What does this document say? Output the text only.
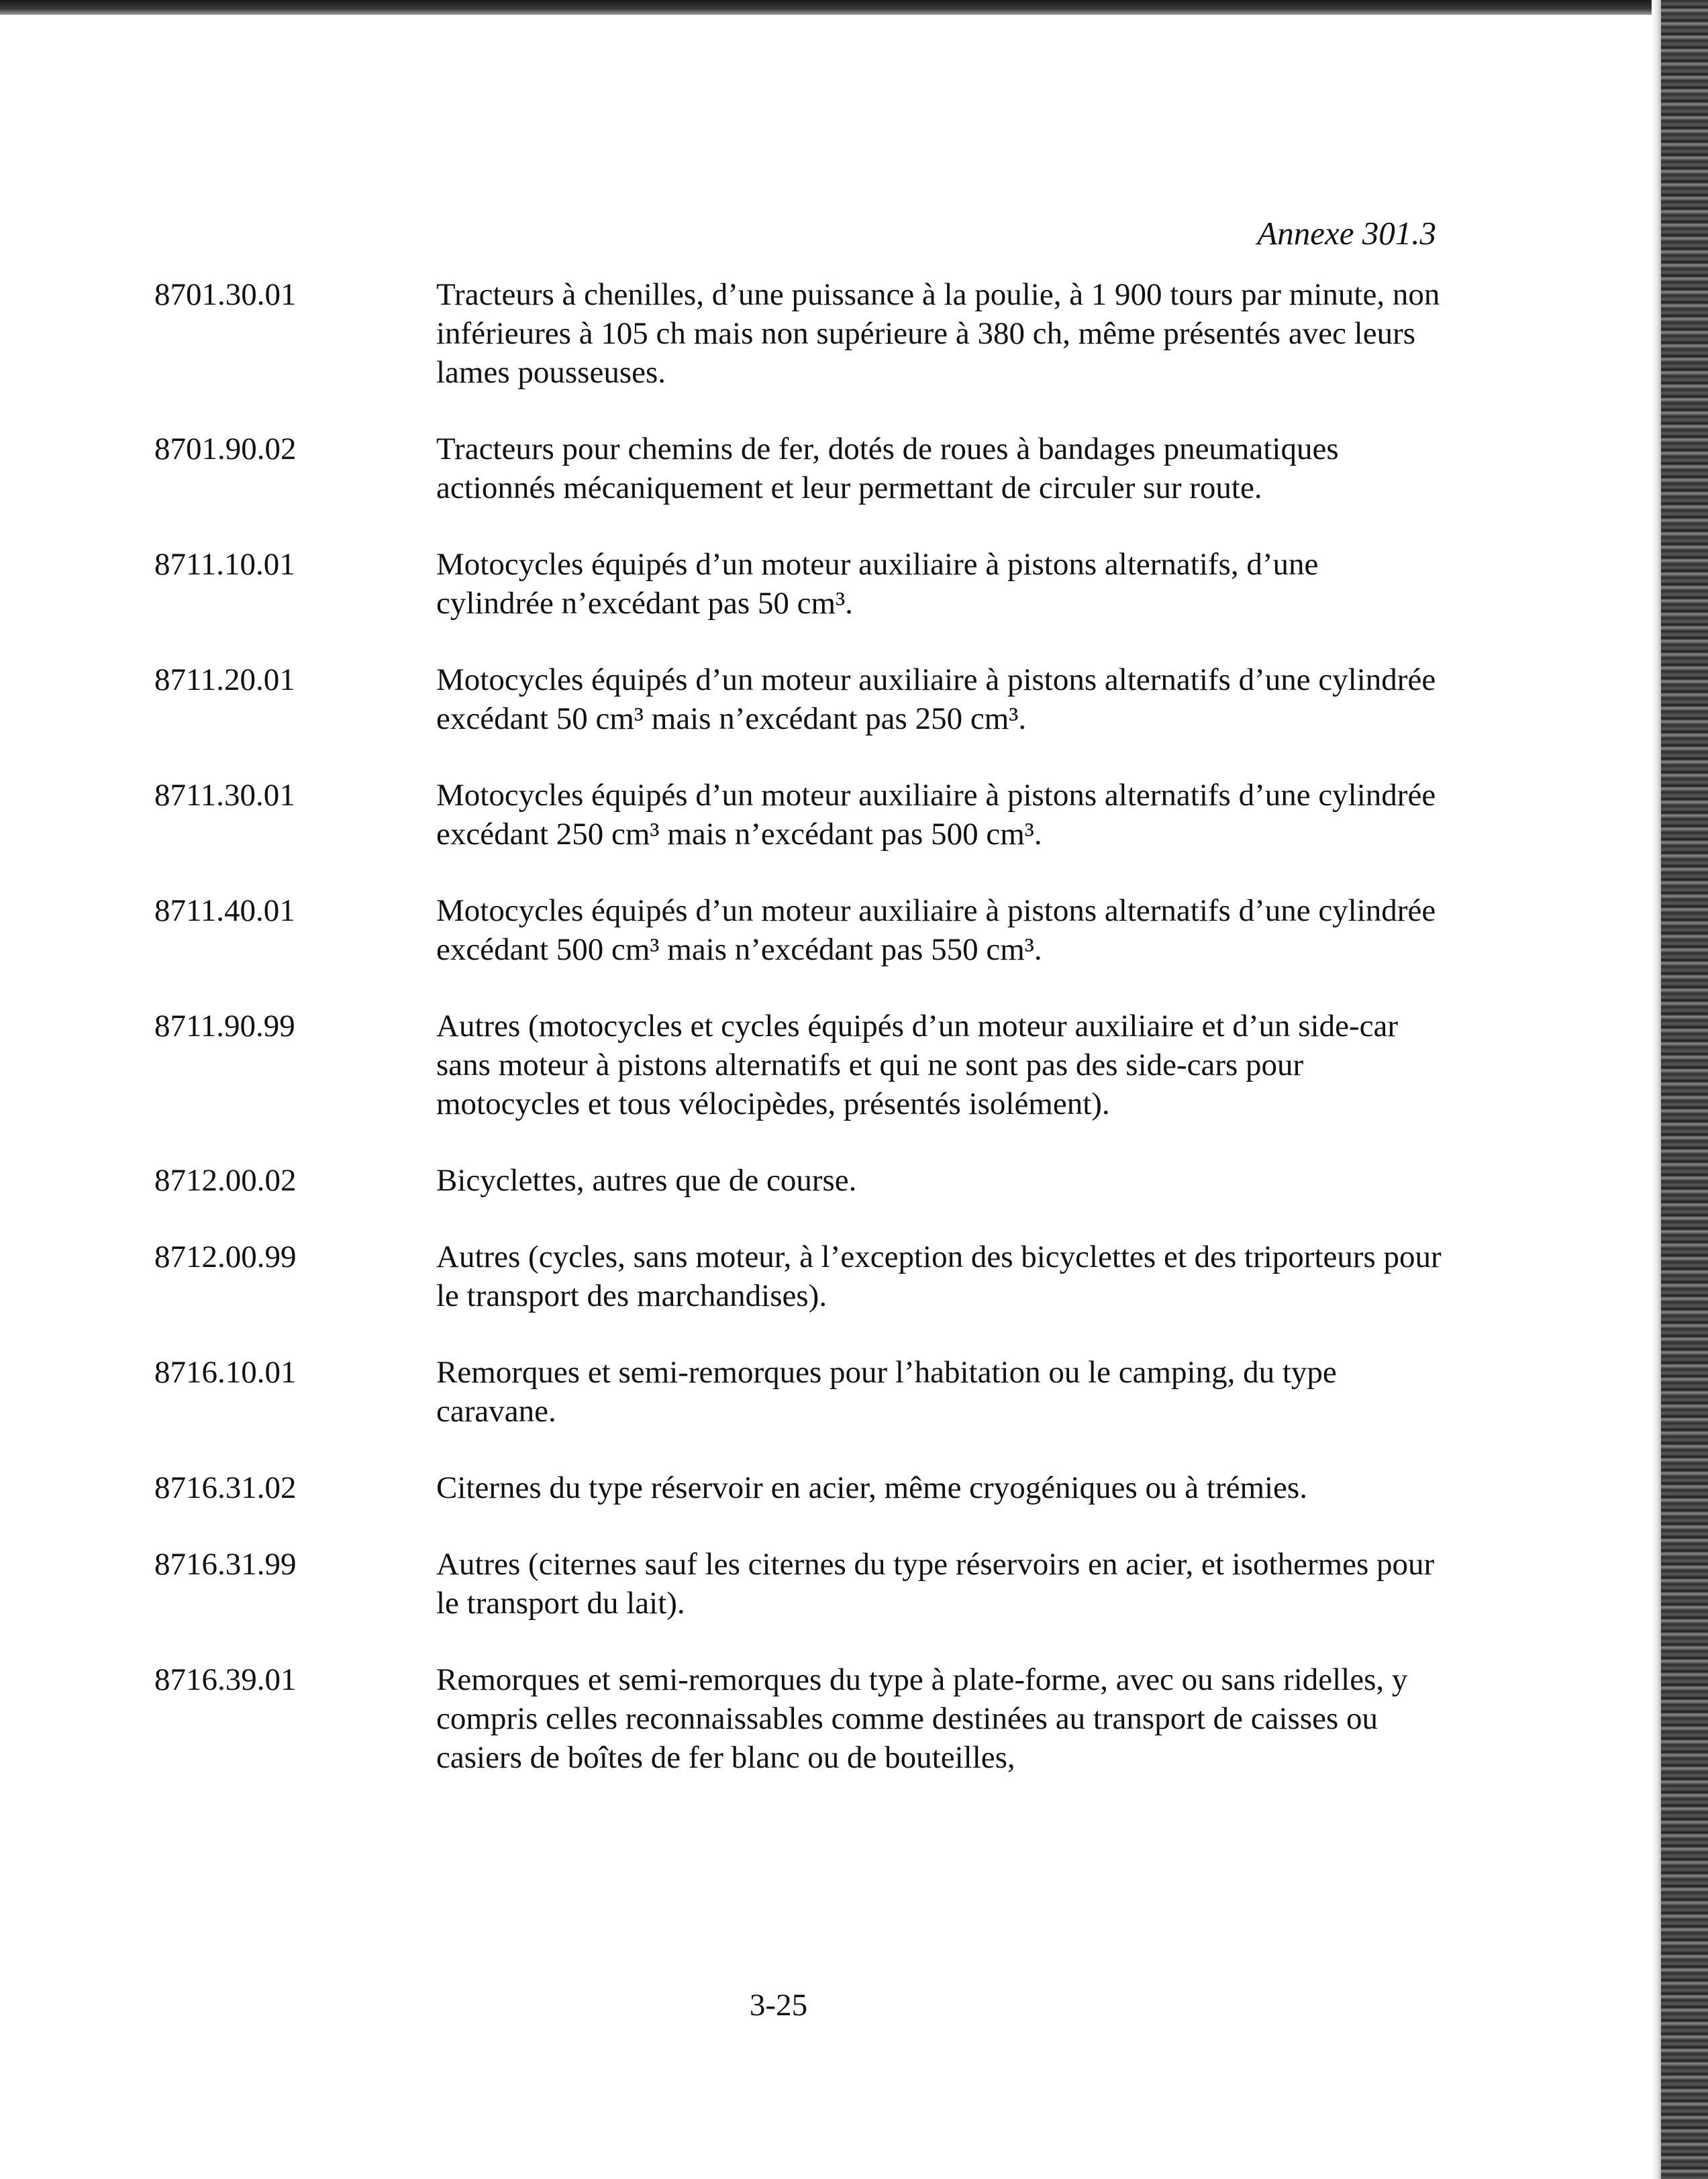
Annexe 301.3
8701.30.01	Tracteurs à chenilles, d’une puissance à la poulie, à 1 900 tours par minute, non inférieures à 105 ch mais non supérieure à 380 ch, même présentés avec leurs lames pousseuses.
8701.90.02	Tracteurs pour chemins de fer, dotés de roues à bandages pneumatiques actionnés mécaniquement et leur permettant de circuler sur route.
8711.10.01	Motocycles équipés d’un moteur auxiliaire à pistons alternatifs, d’une cylindrée n’excédant pas 50 cm³.
8711.20.01	Motocycles équipés d’un moteur auxiliaire à pistons alternatifs d’une cylindrée excédant 50 cm³ mais n’excédant pas 250 cm³.
8711.30.01	Motocycles équipés d’un moteur auxiliaire à pistons alternatifs d’une cylindrée excédant 250 cm³ mais n’excédant pas 500 cm³.
8711.40.01	Motocycles équipés d’un moteur auxiliaire à pistons alternatifs d’une cylindrée excédant 500 cm³ mais n’excédant pas 550 cm³.
8711.90.99	Autres (motocycles et cycles équipés d’un moteur auxiliaire et d’un side-car sans moteur à pistons alternatifs et qui ne sont pas des side-cars pour motocycles et tous vélocipèdes, présentés isolément).
8712.00.02	Bicyclettes, autres que de course.
8712.00.99	Autres (cycles, sans moteur, à l’exception des bicyclettes et des triporteurs pour le transport des marchandises).
8716.10.01	Remorques et semi-remorques pour l’habitation ou le camping, du type caravane.
8716.31.02	Citernes du type réservoir en acier, même cryogéniques ou à trémies.
8716.31.99	Autres (citernes sauf les citernes du type réservoirs en acier, et isothermes pour le transport du lait).
8716.39.01	Remorques et semi-remorques du type à plate-forme, avec ou sans ridelles, y compris celles reconnaissables comme destinées au transport de caisses ou casiers de boîtes de fer blanc ou de bouteilles,
3-25
